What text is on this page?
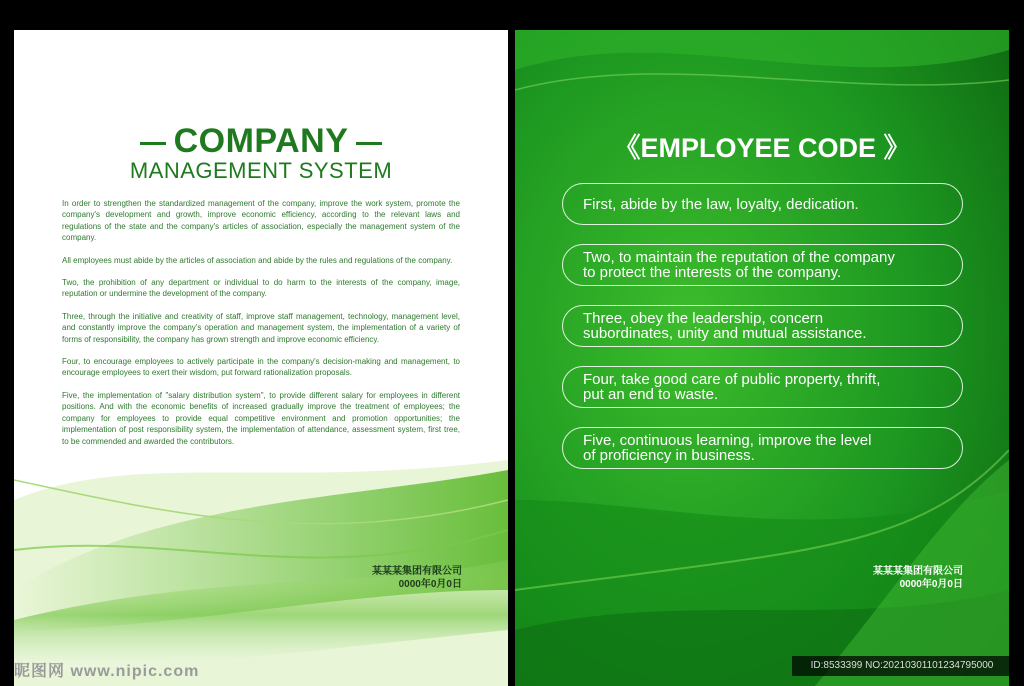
COMPANY
MANAGEMENT SYSTEM

In order to strengthen the standardized management of the company, improve the work system, promote the company's development and growth, improve economic efficiency, according to the relevant laws and regulations of the state and the company's articles of association, especially the management system of the company.

All employees must abide by the articles of association and abide by the rules and regulations of the company.

Two, the prohibition of any department or individual to do harm to the interests of the company, image, reputation or undermine the development of the company.

Three, through the initiative and creativity of staff, improve staff management, technology, management level, and constantly improve the company's operation and management system, the implementation of a variety of forms of responsibility, the company has grown strength and improve economic efficiency.

Four, to encourage employees to actively participate in the company's decision-making and management, to encourage employees to exert their wisdom, put forward rationalization proposals.

Five, the implementation of "salary distribution system", to provide different salary for employees in different positions. And with the economic benefits of increased gradually improve the treatment of employees; the company for employees to provide equal competitive environment and promotion opportunities; the implementation of post responsibility system, the implementation of attendance, assessment system, first tree, to be commended and awarded the contributors.

某某某集团有限公司
0000年0月0日
昵图网 www.nipic.com
《EMPLOYEE CODE 》
First, abide by the law, loyalty, dedication.
Two, to maintain the reputation of the company
to protect the interests of the company.
Three, obey the leadership, concern
subordinates, unity and mutual assistance.
Four, take good care of public property, thrift,
put an end to waste.
Five, continuous learning, improve the level
of proficiency in business.
某某某集团有限公司
0000年0月0日
ID:8533399 NO:20210301101234795000
